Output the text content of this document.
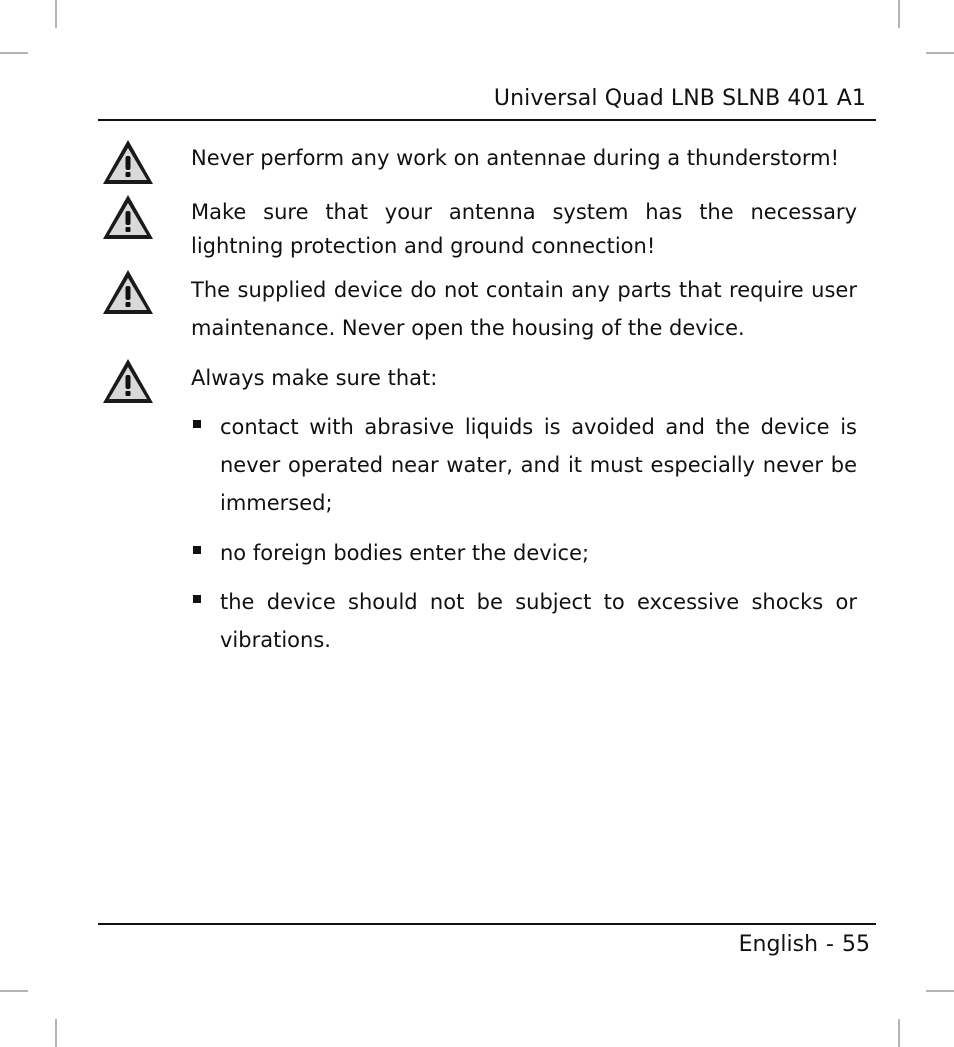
Universal Quad LNB SLNB 401 A1

Never perform any work on antennae during a thunderstorm!

Make sure that your antenna system has the necessary lightning protection and ground connection!

The supplied device do not contain any parts that require user maintenance. Never open the housing of the device.

Always make sure that:

contact with abrasive liquids is avoided and the device is never operated near water, and it must especially never be immersed;

no foreign bodies enter the device;

the device should not be subject to excessive shocks or vibrations.

English - 55
